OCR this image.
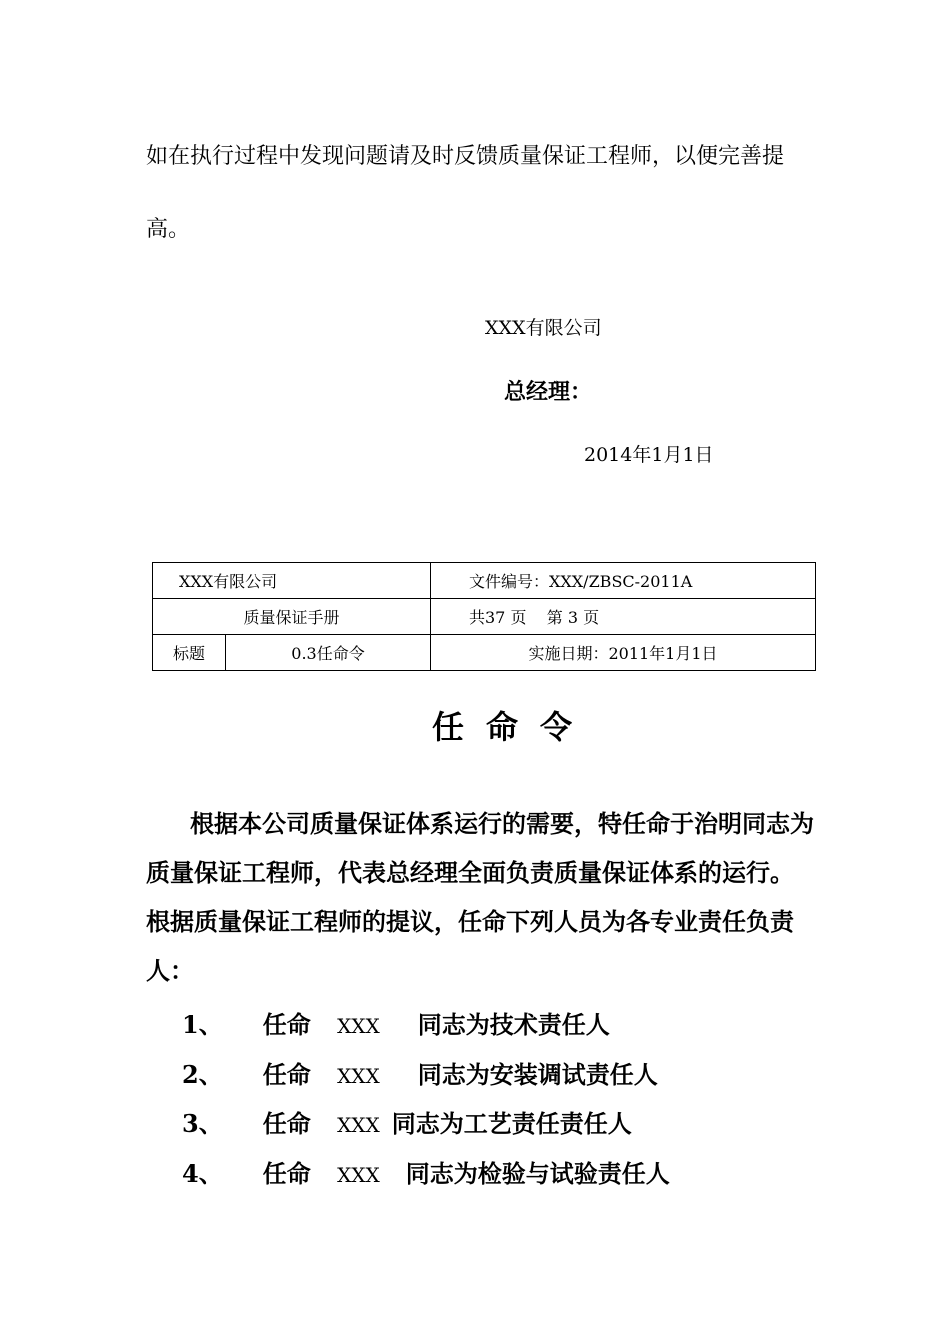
如在执行过程中发现问题请及时反馈质量保证工程师，以便完善提
高。
XXX有限公司
总经理：
2014年1月1日
XXX有限公司		文件编号：XXX/ZBSC-2011A
质量保证手册		共37 页    第 3 页
标题	0.3任命令	实施日期：2011年1月1日
任命令
根据本公司质量保证体系运行的需要，特任命于治明同志为质量保证工程师，代表总经理全面负责质量保证体系的运行。根据质量保证工程师的提议，任命下列人员为各专业责任负责人：
1、 任命 XXX 同志为技术责任人
2、 任命 XXX 同志为安装调试责任人
3、 任命 XXX 同志为工艺责任责任人
4、 任命 XXX 同志为检验与试验责任人
